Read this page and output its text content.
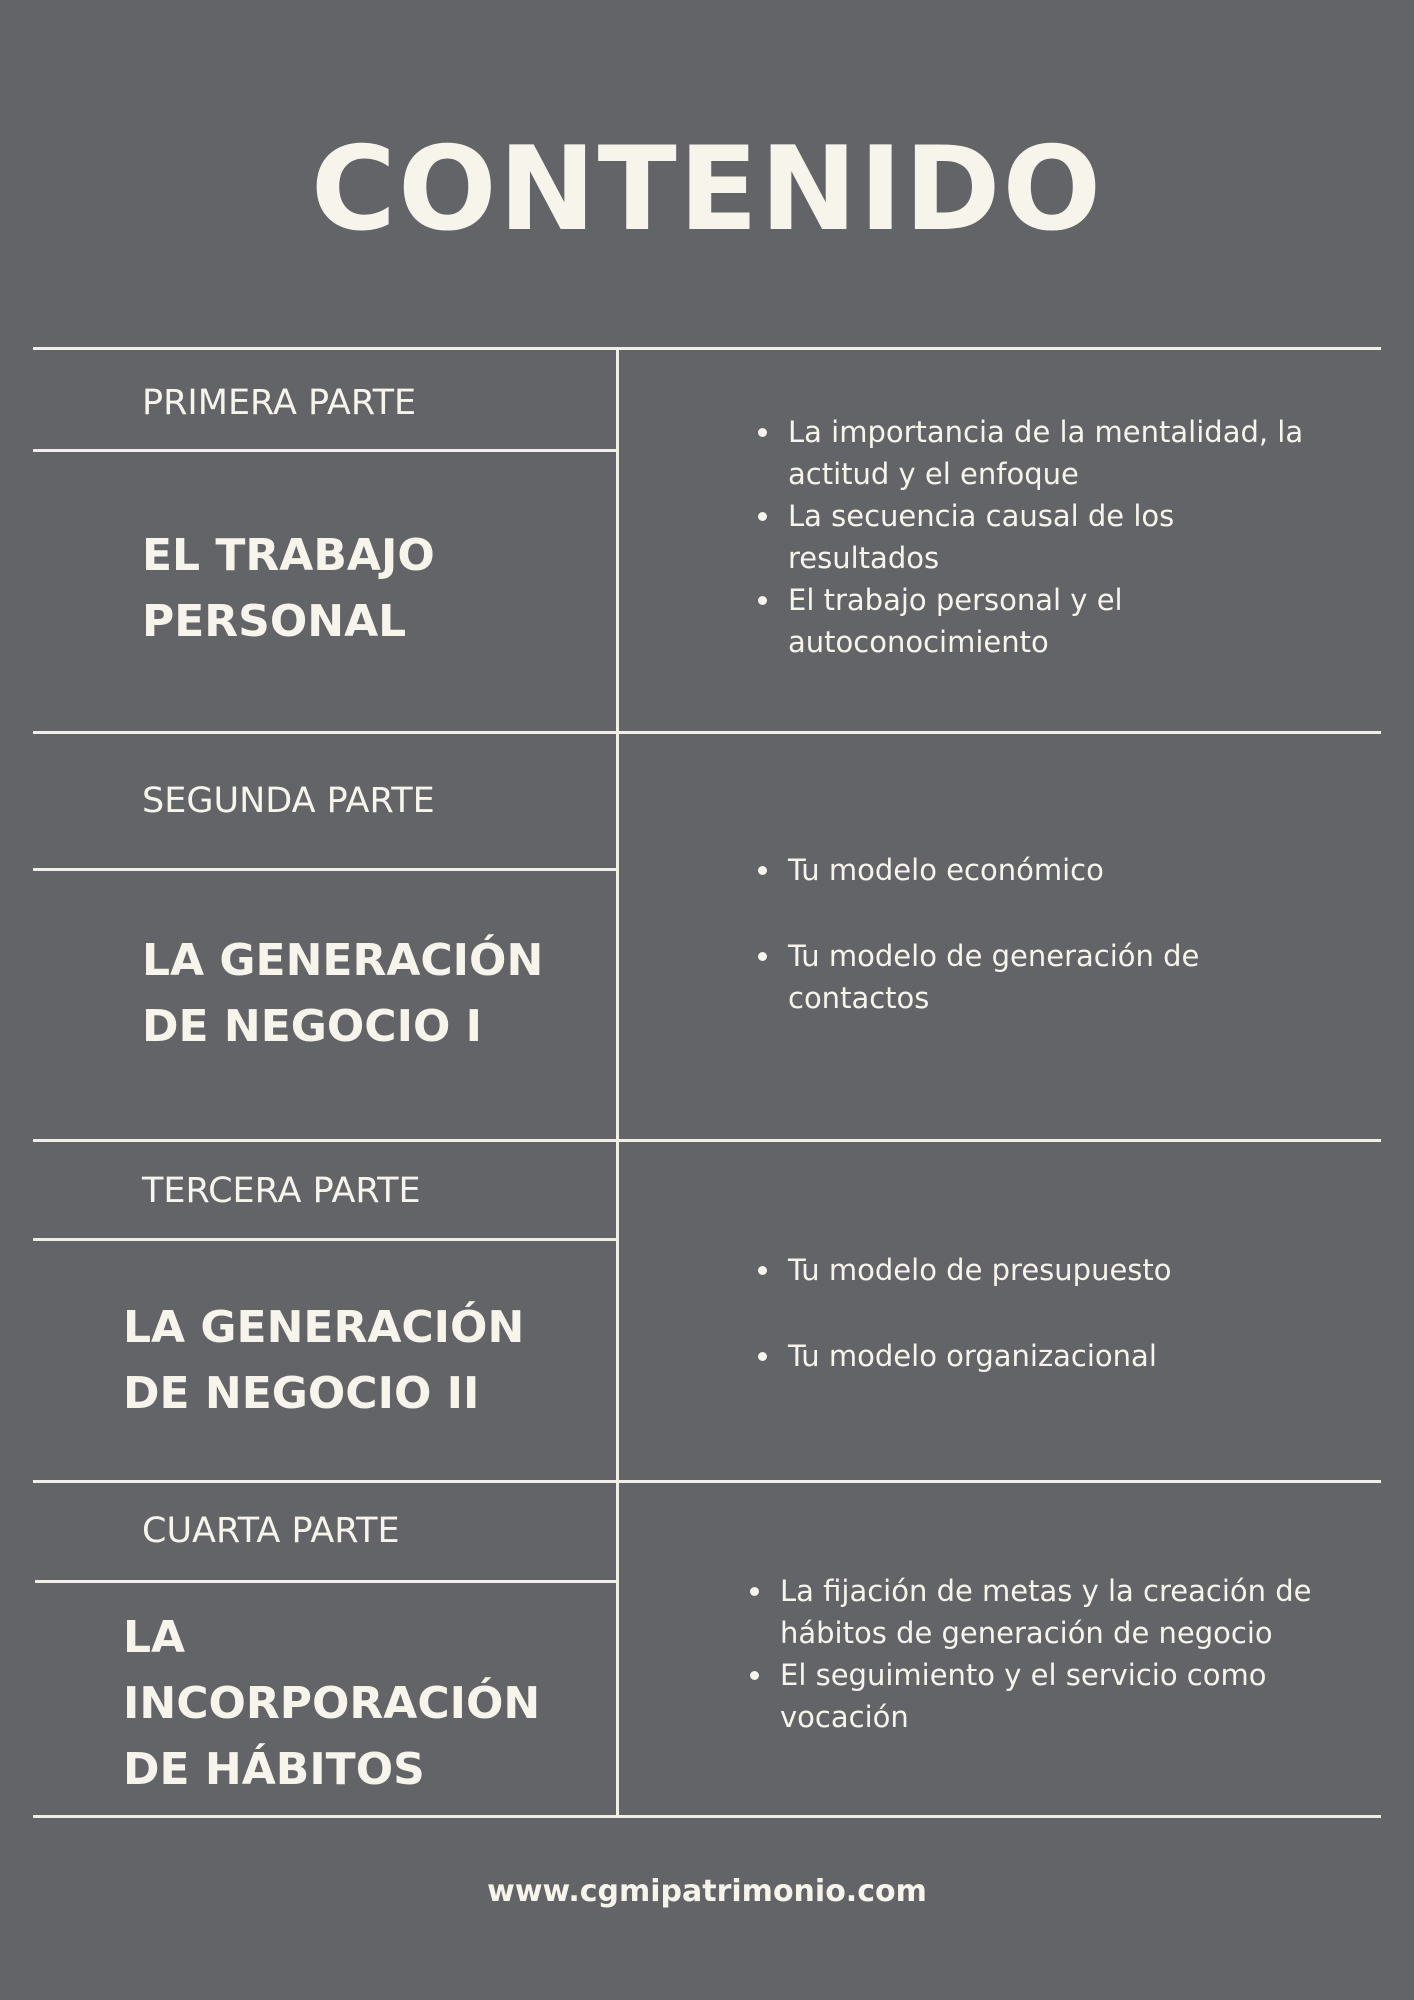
CONTENIDO

PRIMERA PARTE

EL TRABAJO
PERSONAL

La importancia de la mentalidad, la actitud y el enfoque
La secuencia causal de los resultados
El trabajo personal y el autoconocimiento

SEGUNDA PARTE

LA GENERACIÓN
DE NEGOCIO I

Tu modelo económico
Tu modelo de generación de contactos

TERCERA PARTE

LA GENERACIÓN
DE NEGOCIO II

Tu modelo de presupuesto
Tu modelo organizacional

CUARTA PARTE

LA
INCORPORACIÓN
DE HÁBITOS

La fijación de metas y la creación de hábitos de generación de negocio
El seguimiento y el servicio como vocación

www.cgmipatrimonio.com
